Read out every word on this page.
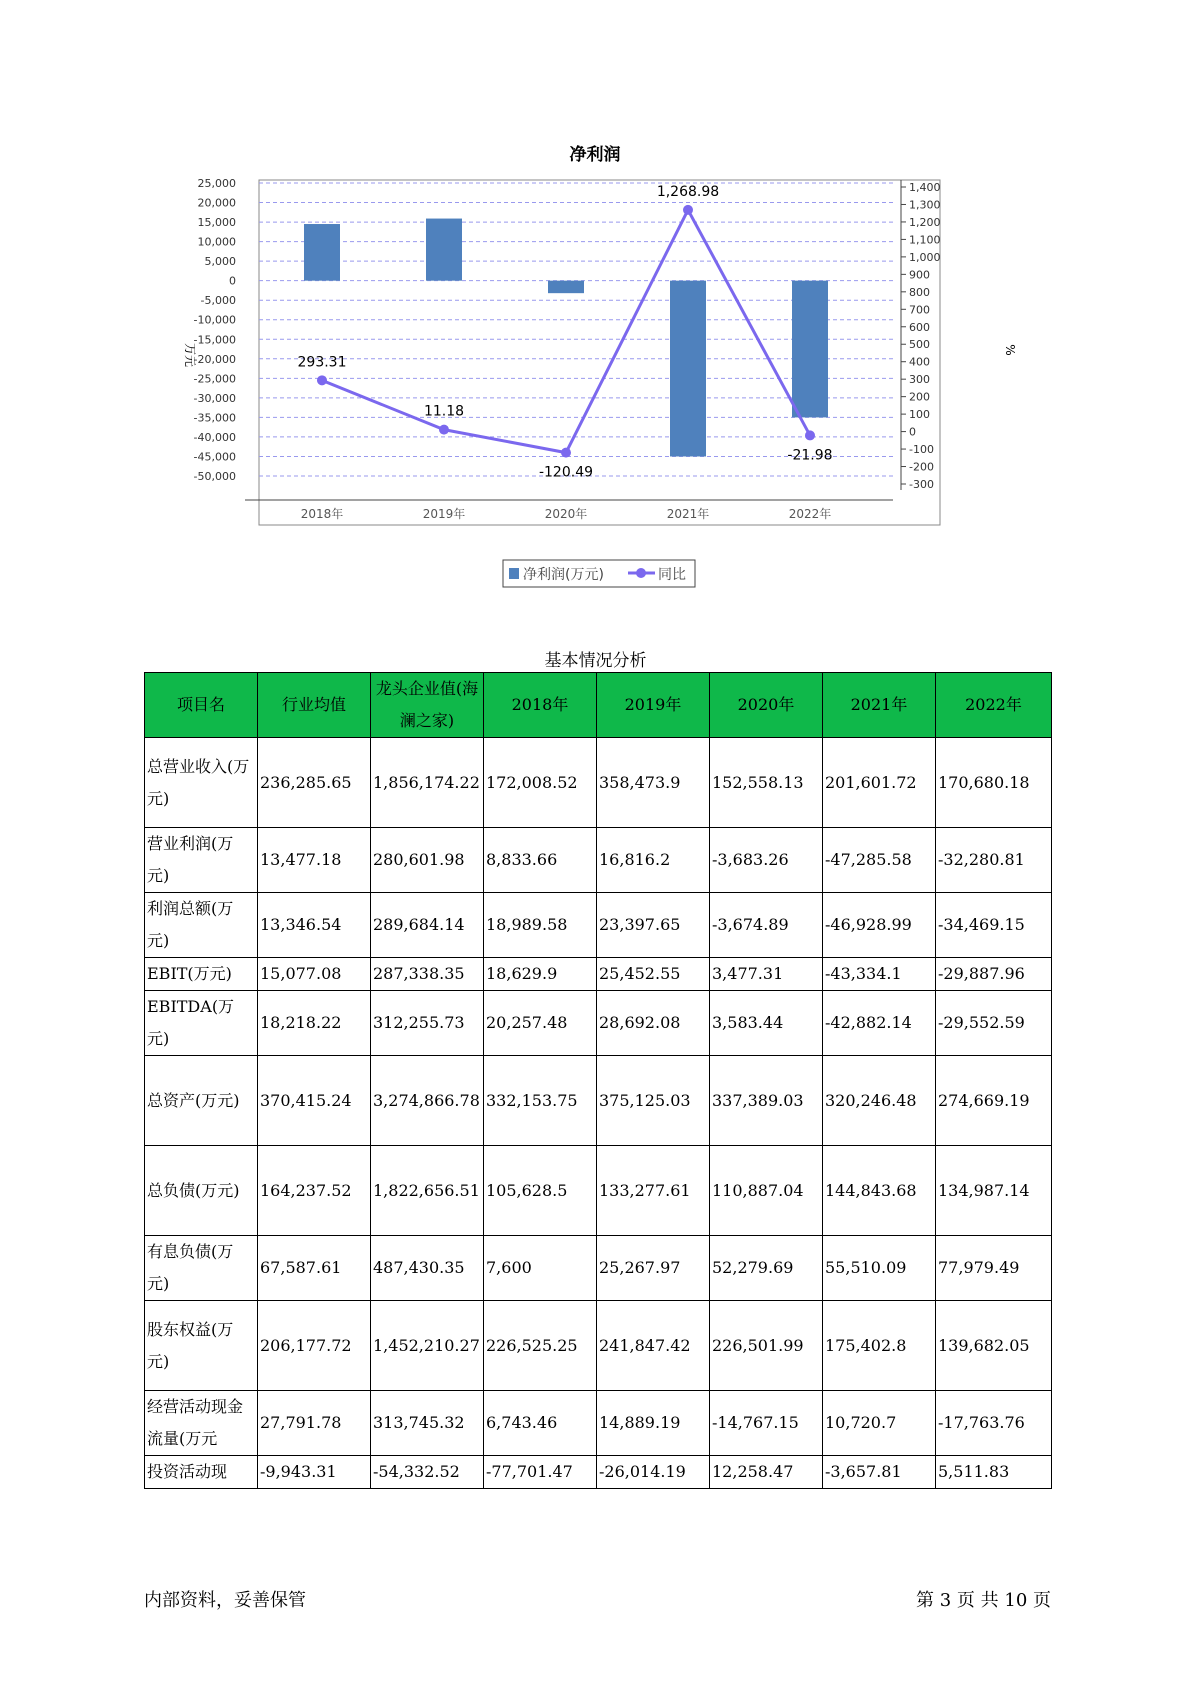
净利润
293.31
11.18
-120.49
1,268.98
-21.98
25,000
20,000
15,000
10,000
5,000
0
-5,000
-10,000
-15,000
-20,000
-25,000
-30,000
-35,000
-40,000
-45,000
-50,000
1,400
1,300
1,200
1,100
1,000
900
800
700
600
500
400
300
200
100
0
-100
-200
-300
2018年	2019年	2020年	2021年	2022年
万元	%
净利润(万元)	同比
基本情况分析
项目名	行业均值	龙头企业值(海澜之家)	2018年	2019年	2020年	2021年	2022年
总营业收入(万元)	236,285.65	1,856,174.22	172,008.52	358,473.9	152,558.13	201,601.72	170,680.18
营业利润(万元)	13,477.18	280,601.98	8,833.66	16,816.2	-3,683.26	-47,285.58	-32,280.81
利润总额(万元)	13,346.54	289,684.14	18,989.58	23,397.65	-3,674.89	-46,928.99	-34,469.15
EBIT(万元)	15,077.08	287,338.35	18,629.9	25,452.55	3,477.31	-43,334.1	-29,887.96
EBITDA(万元)	18,218.22	312,255.73	20,257.48	28,692.08	3,583.44	-42,882.14	-29,552.59
总资产(万元)	370,415.24	3,274,866.78	332,153.75	375,125.03	337,389.03	320,246.48	274,669.19
总负债(万元)	164,237.52	1,822,656.51	105,628.5	133,277.61	110,887.04	144,843.68	134,987.14
有息负债(万元)	67,587.61	487,430.35	7,600	25,267.97	52,279.69	55,510.09	77,979.49
股东权益(万元)	206,177.72	1,452,210.27	226,525.25	241,847.42	226,501.99	175,402.8	139,682.05
经营活动现金流量(万元	27,791.78	313,745.32	6,743.46	14,889.19	-14,767.15	10,720.7	-17,763.76
投资活动现	-9,943.31	-54,332.52	-77,701.47	-26,014.19	12,258.47	-3,657.81	5,511.83
内部资料，妥善保管	第 3 页 共 10 页
